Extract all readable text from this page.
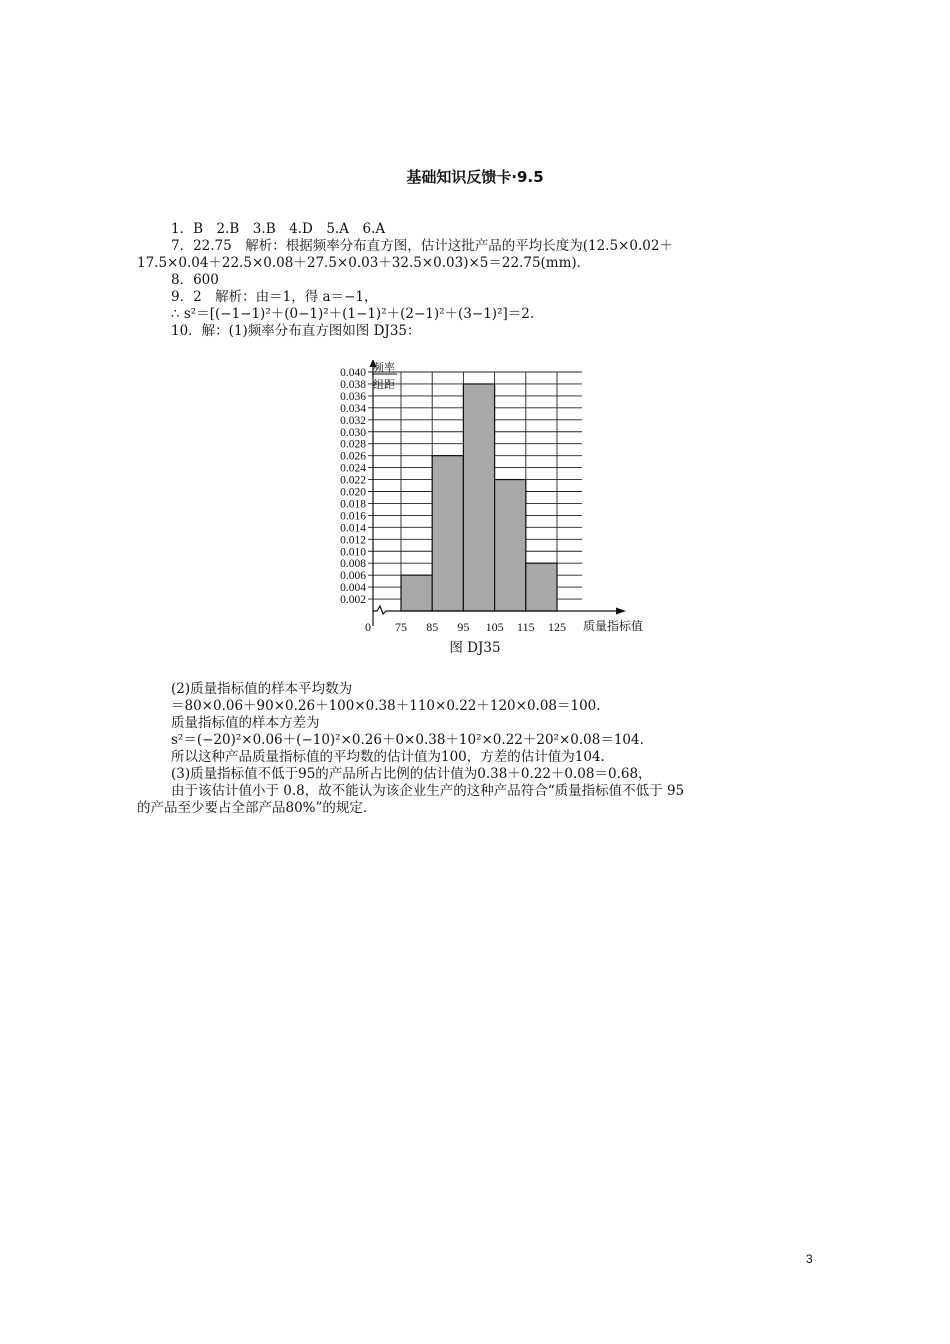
基础知识反馈卡·9.5
1．B　2.B　3.B　4.D　5.A　6.A
7．22.75　解析：根据频率分布直方图，估计这批产品的平均长度为(12.5×0.02＋
17.5×0.04＋22.5×0.08＋27.5×0.03＋32.5×0.03)×5＝22.75(mm)．
8．600
9．2　解析：由＝1，得 a＝−1，
∴ s²＝[(−1−1)²＋(0−1)²＋(1−1)²＋(2−1)²＋(3−1)²]＝2.
10．解：(1)频率分布直方图如图 DJ35：
0.040
0.038
0.036
0.034
0.032
0.030
0.028
0.026
0.024
0.022
0.020
0.018
0.016
0.014
0.012
0.010
0.008
0.006
0.004
0.002
75 85 95 105 115 125
0	质量指标值
频率
组距
图 DJ35
(2)质量指标值的样本平均数为
＝80×0.06＋90×0.26＋100×0.38＋110×0.22＋120×0.08＝100.
质量指标值的样本方差为
s²＝(−20)²×0.06＋(−10)²×0.26＋0×0.38＋10²×0.22＋20²×0.08＝104.
所以这种产品质量指标值的平均数的估计值为100，方差的估计值为104.
(3)质量指标值不低于95的产品所占比例的估计值为0.38＋0.22＋0.08＝0.68，
由于该估计值小于 0.8，故不能认为该企业生产的这种产品符合“质量指标值不低于 95
的产品至少要占全部产品80%”的规定．
3
